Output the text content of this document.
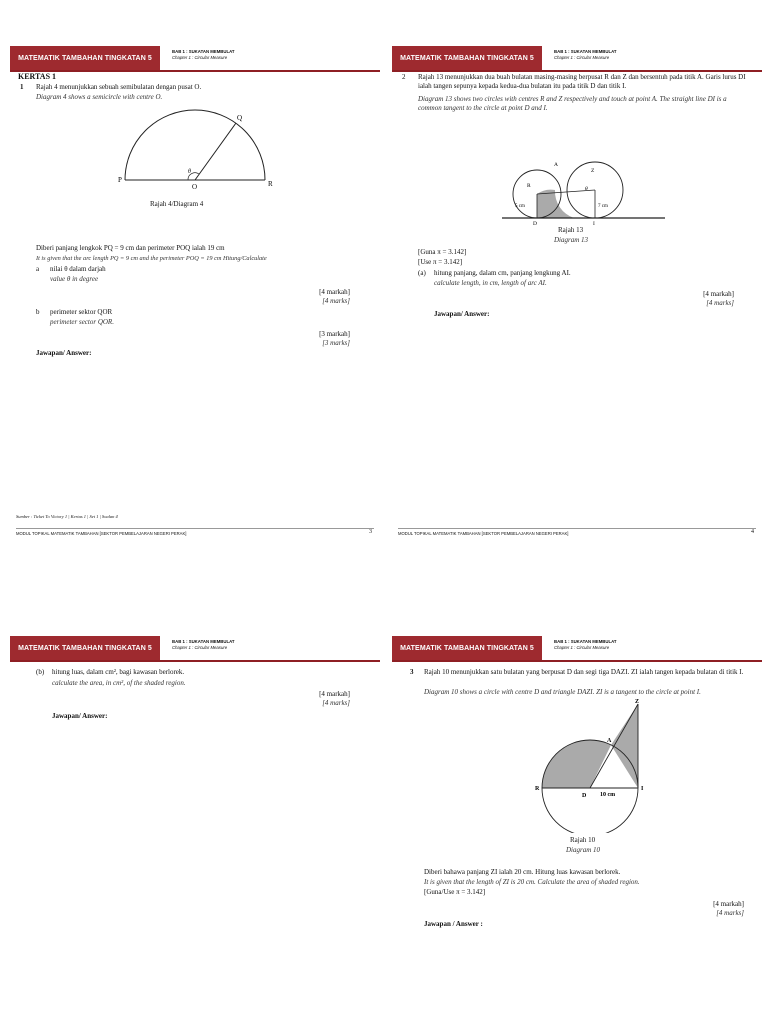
MATEMATIK TAMBAHAN TINGKATAN 5
BAB 1 : SUKATAN MEMBULAT
Chapter 1 : Circular Measure
KERTAS 1
1 Rajah 4 menunjukkan sebuah semibulatan dengan pusat O.
Diagram 4 shows a semicircle with centre O.
P
O	R
Q
θ
Rajah 4/Diagram 4
Diberi panjang lengkok PQ = 9 cm dan perimeter POQ ialah 19 cm
It is given that the arc length PQ = 9 cm and the perimeter POQ = 19 cm Hitung/Calculate
a nilai θ dalam darjah
value θ in degree
[4 markah]
[4 marks]
b perimeter sektor QOR
perimeter sector QOR.
[3 markah]
[3 marks]
Jawapan/ Answer:
Sumber : Ticket To Victory 1 | Kertas 1 | Set 1 | Soalan 4
MODUL TOPIKAL MATEMATIK TAMBAHAN [SEKTOR PEMBELAJARAN NEGERI PERAK]	3
MATEMATIK TAMBAHAN TINGKATAN 5
BAB 1 : SUKATAN MEMBULAT
Chapter 1 : Circular Measure
2 Rajah 13 menunjukkan dua buah bulatan masing-masing berpusat R dan Z dan bersentuh pada titik A. Garis lurus DI ialah tangen sepunya kepada kedua-dua bulatan itu pada titik D dan titik I.
Diagram 13 shows two circles with centres R and Z respectively and touch at point A. The straight line DI is a common tangent to the circle at point D and I.
A
Z
R	θ
5 cm	7 cm
D	I
Rajah 13
Diagram 13
[Guna π = 3.142]
[Use π = 3.142]
(a) hitung panjang, dalam cm, panjang lengkung AI.
calculate length, in cm, length of arc AI.
[4 markah]
[4 marks]
Jawapan/ Answer:
MODUL TOPIKAL MATEMATIK TAMBAHAN [SEKTOR PEMBELAJARAN NEGERI PERAK]	4
MATEMATIK TAMBAHAN TINGKATAN 5
BAB 1 : SUKATAN MEMBULAT
Chapter 1 : Circular Measure
(b) hitung luas, dalam cm², bagi kawasan berlorek.
calculate the area, in cm², of the shaded region.
[4 markah]
[4 marks]
Jawapan/ Answer:
MATEMATIK TAMBAHAN TINGKATAN 5
BAB 1 : SUKATAN MEMBULAT
Chapter 1 : Circular Measure
3 Rajah 10 menunjukkan satu bulatan yang berpusat D dan segi tiga DAZI. ZI ialah tangen kepada bulatan di titik I.
Diagram 10 shows a circle with centre D and triangle DAZI. ZI is a tangent to the circle at point I.
Z
A
R
D 10 cm
I
Rajah 10
Diagram 10
Diberi bahawa panjang ZI ialah 20 cm. Hitung luas kawasan berlorek.
It is given that the length of ZI is 20 cm. Calculate the area of shaded region.
[Guna/Use π = 3.142]
[4 markah]
[4 marks]
Jawapan / Answer :
